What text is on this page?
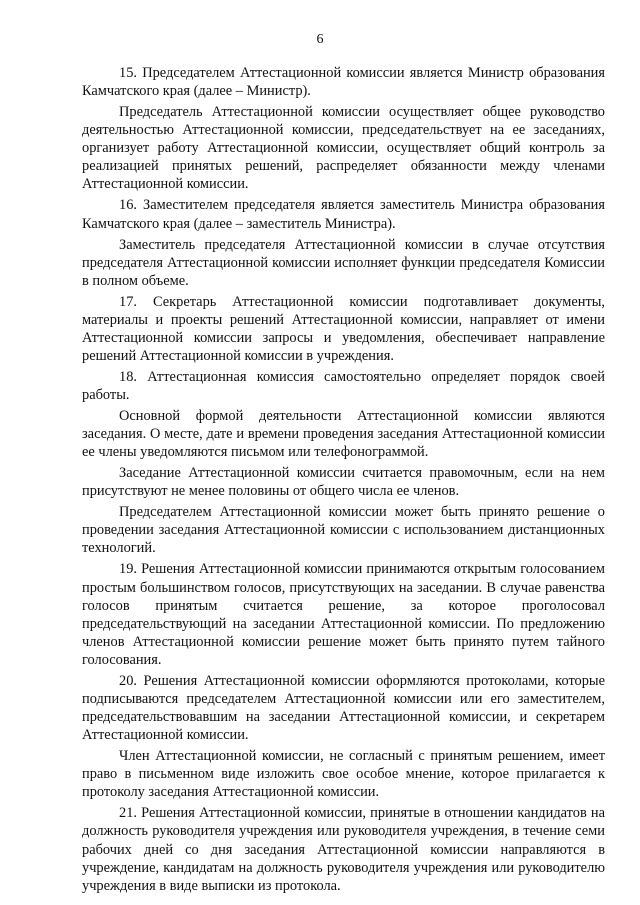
6

15. Председателем Аттестационной комиссии является Министр образования Камчатского края (далее – Министр).

Председатель Аттестационной комиссии осуществляет общее руководство деятельностью Аттестационной комиссии, председательствует на ее заседаниях, организует работу Аттестационной комиссии, осуществляет общий контроль за реализацией принятых решений, распределяет обязанности между членами Аттестационной комиссии.

16. Заместителем председателя является заместитель Министра образования Камчатского края (далее – заместитель Министра).

Заместитель председателя Аттестационной комиссии в случае отсутствия председателя Аттестационной комиссии исполняет функции председателя Комиссии в полном объеме.

17. Секретарь Аттестационной комиссии подготавливает документы, материалы и проекты решений Аттестационной комиссии, направляет от имени Аттестационной комиссии запросы и уведомления, обеспечивает направление решений Аттестационной комиссии в учреждения.

18. Аттестационная комиссия самостоятельно определяет порядок своей работы.

Основной формой деятельности Аттестационной комиссии являются заседания. О месте, дате и времени проведения заседания Аттестационной комиссии ее члены уведомляются письмом или телефонограммой.

Заседание Аттестационной комиссии считается правомочным, если на нем присутствуют не менее половины от общего числа ее членов.

Председателем Аттестационной комиссии может быть принято решение о проведении заседания Аттестационной комиссии с использованием дистанционных технологий.

19. Решения Аттестационной комиссии принимаются открытым голосованием простым большинством голосов, присутствующих на заседании. В случае равенства голосов принятым считается решение, за которое проголосовал председательствующий на заседании Аттестационной комиссии. По предложению членов Аттестационной комиссии решение может быть принято путем тайного голосования.

20. Решения Аттестационной комиссии оформляются протоколами, которые подписываются председателем Аттестационной комиссии или его заместителем, председательствовавшим на заседании Аттестационной комиссии, и секретарем Аттестационной комиссии.

Член Аттестационной комиссии, не согласный с принятым решением, имеет право в письменном виде изложить свое особое мнение, которое прилагается к протоколу заседания Аттестационной комиссии.

21. Решения Аттестационной комиссии, принятые в отношении кандидатов на должность руководителя учреждения или руководителя учреждения, в течение семи рабочих дней со дня заседания Аттестационной комиссии направляются в учреждение, кандидатам на должность руководителя учреждения или руководителю учреждения в виде выписки из протокола.
